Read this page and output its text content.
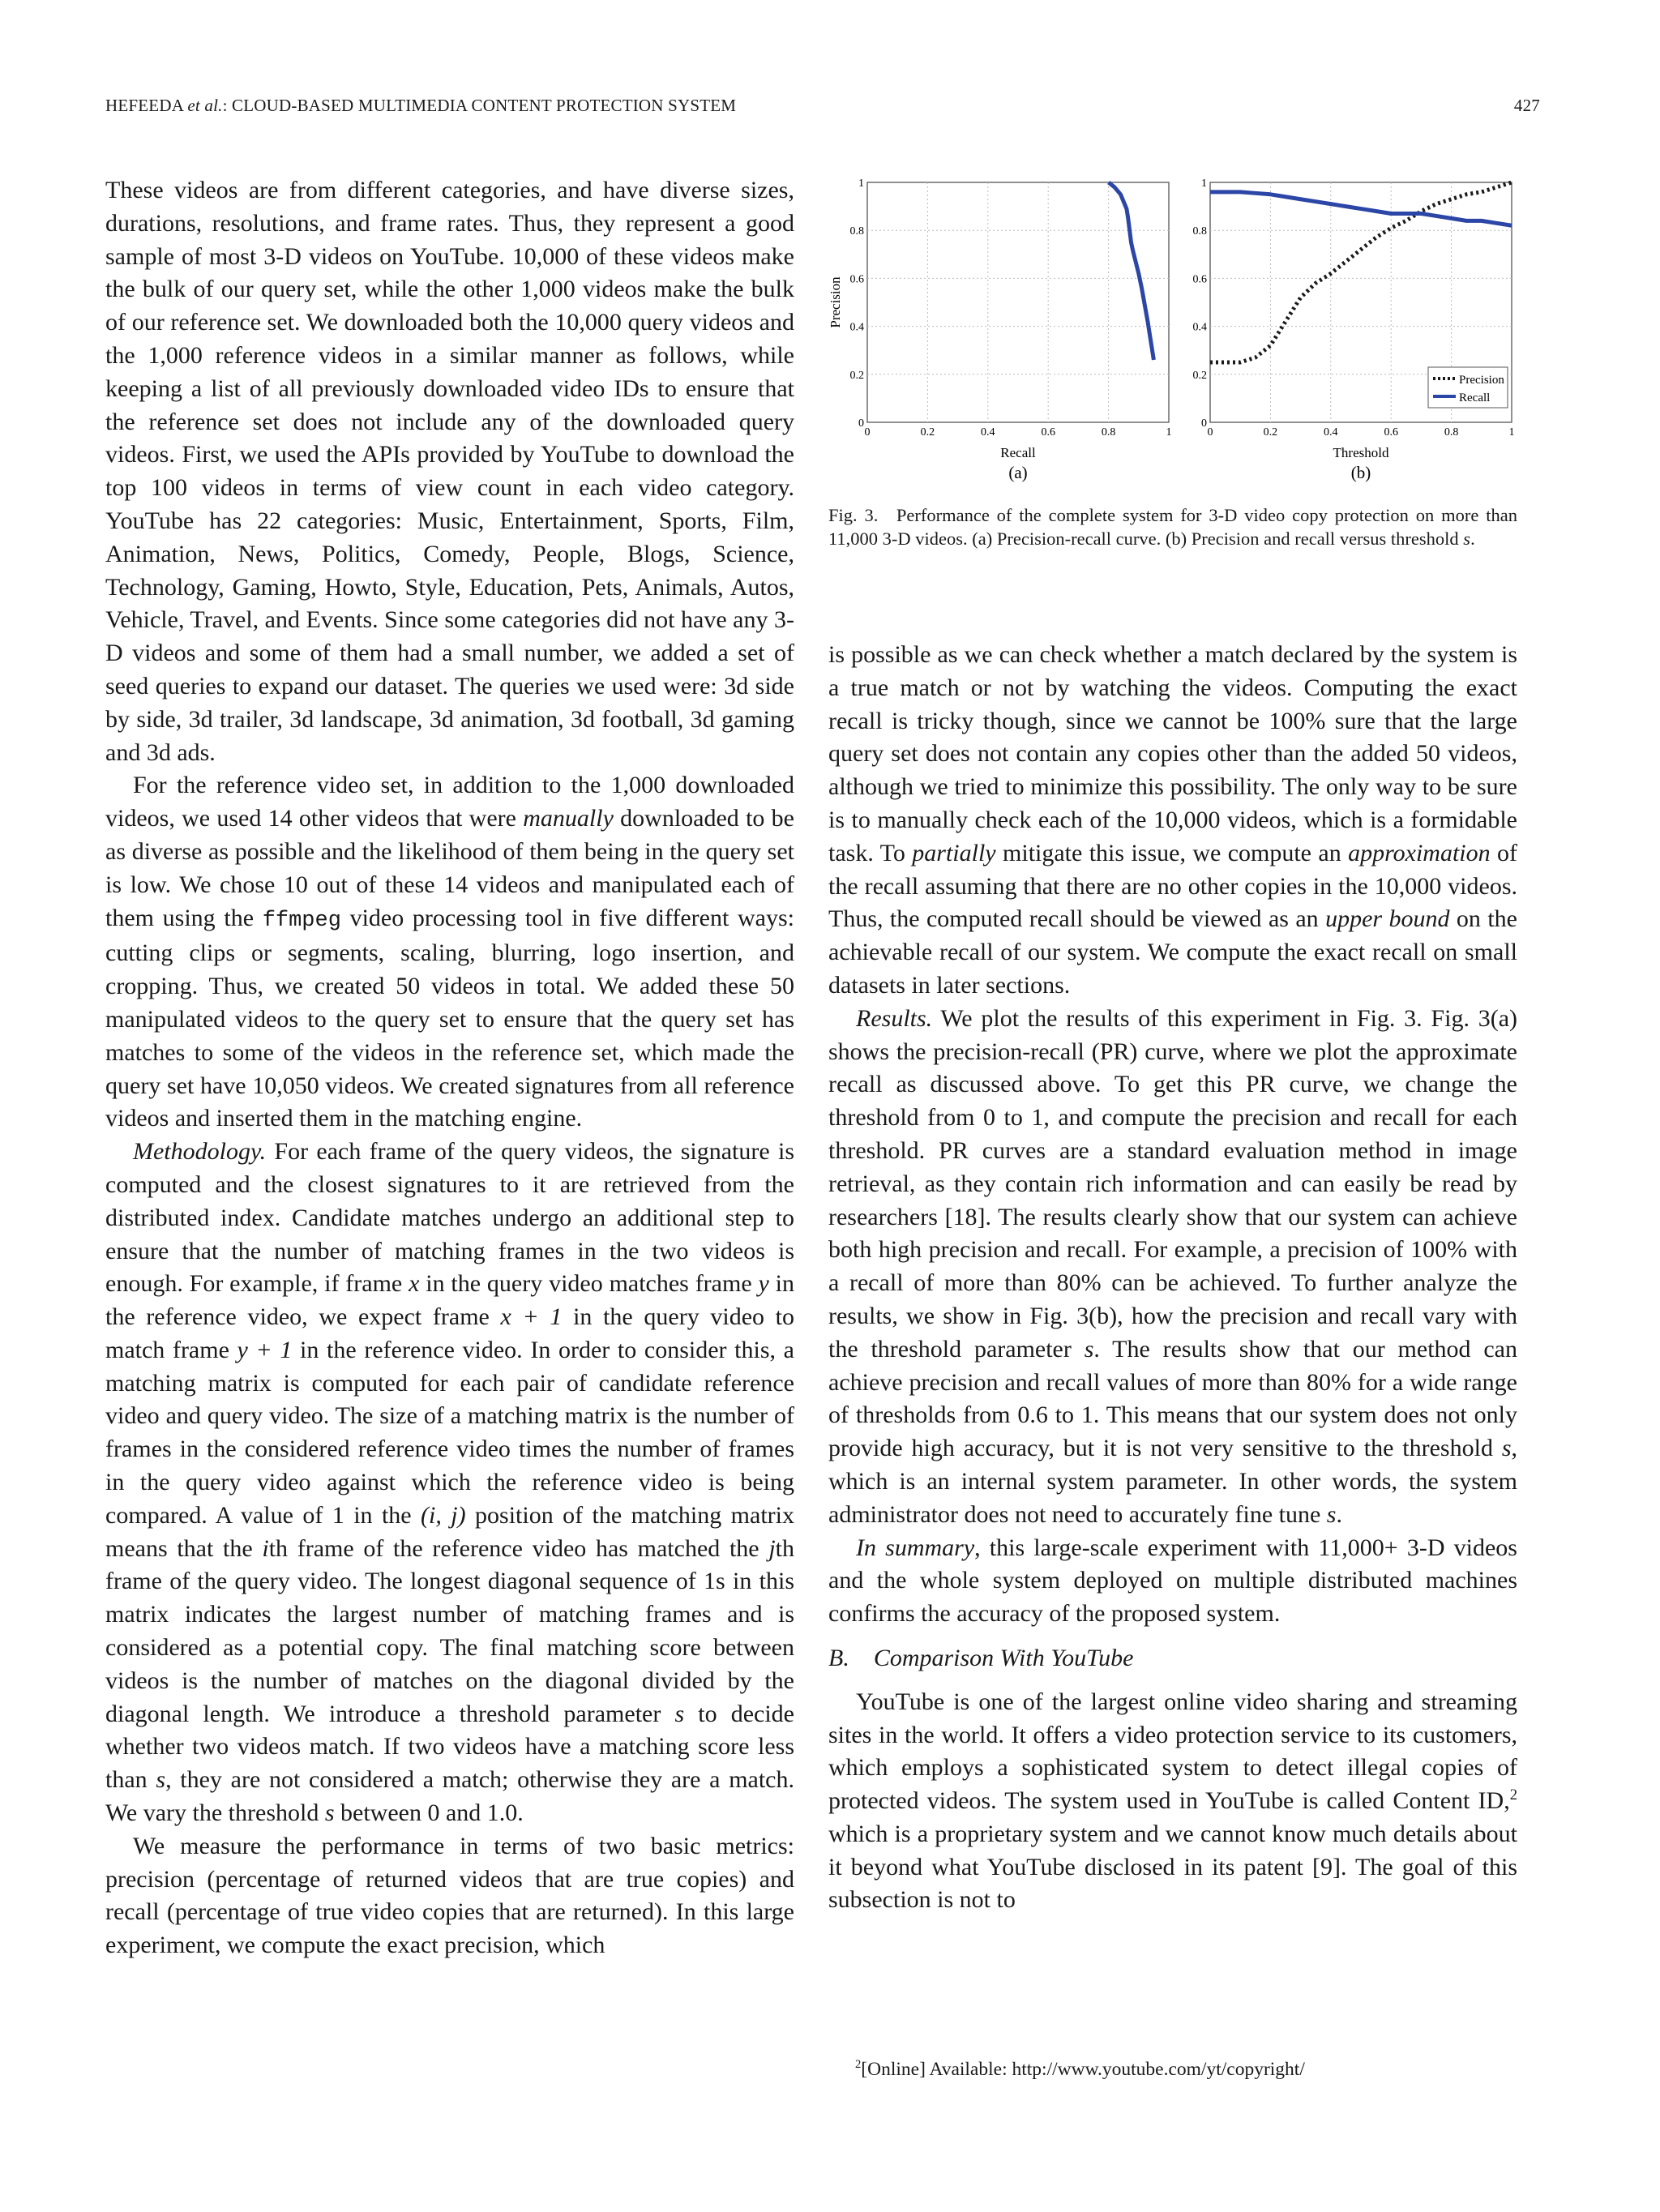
HEFEEDA et al.: CLOUD-BASED MULTIMEDIA CONTENT PROTECTION SYSTEM	427

These videos are from different categories, and have diverse sizes, durations, resolutions, and frame rates. Thus, they represent a good sample of most 3-D videos on YouTube. 10,000 of these videos make the bulk of our query set, while the other 1,000 videos make the bulk of our reference set. We downloaded both the 10,000 query videos and the 1,000 reference videos in a similar manner as follows, while keeping a list of all previously downloaded video IDs to ensure that the reference set does not include any of the downloaded query videos. First, we used the APIs provided by YouTube to download the top 100 videos in terms of view count in each video category. YouTube has 22 categories: Music, Entertainment, Sports, Film, Animation, News, Politics, Comedy, People, Blogs, Science, Technology, Gaming, Howto, Style, Education, Pets, Animals, Autos, Vehicle, Travel, and Events. Since some categories did not have any 3-D videos and some of them had a small number, we added a set of seed queries to expand our dataset. The queries we used were: 3d side by side, 3d trailer, 3d landscape, 3d animation, 3d football, 3d gaming and 3d ads.

For the reference video set, in addition to the 1,000 downloaded videos, we used 14 other videos that were manually downloaded to be as diverse as possible and the likelihood of them being in the query set is low. We chose 10 out of these 14 videos and manipulated each of them using the ffmpeg video processing tool in five different ways: cutting clips or segments, scaling, blurring, logo insertion, and cropping. Thus, we created 50 videos in total. We added these 50 manipulated videos to the query set to ensure that the query set has matches to some of the videos in the reference set, which made the query set have 10,050 videos. We created signatures from all reference videos and inserted them in the matching engine.

Methodology. For each frame of the query videos, the signature is computed and the closest signatures to it are retrieved from the distributed index. Candidate matches undergo an additional step to ensure that the number of matching frames in the two videos is enough. For example, if frame x in the query video matches frame y in the reference video, we expect frame x + 1 in the query video to match frame y + 1 in the reference video. In order to consider this, a matching matrix is computed for each pair of candidate reference video and query video. The size of a matching matrix is the number of frames in the considered reference video times the number of frames in the query video against which the reference video is being compared. A value of 1 in the (i, j) position of the matching matrix means that the ith frame of the reference video has matched the jth frame of the query video. The longest diagonal sequence of 1s in this matrix indicates the largest number of matching frames and is considered as a potential copy. The final matching score between videos is the number of matches on the diagonal divided by the diagonal length. We introduce a threshold parameter s to decide whether two videos match. If two videos have a matching score less than s, they are not considered a match; otherwise they are a match. We vary the threshold s between 0 and 1.0.

We measure the performance in terms of two basic metrics: precision (percentage of returned videos that are true copies) and recall (percentage of true video copies that are returned). In this large experiment, we compute the exact precision, which

0	0.2	0.4	0.6	0.8	1
0
0.2
0.4
0.6
0.8
1
Precision
Recall
(a)
0	0.2	0.4	0.6	0.8	1
0
0.2
0.4
0.6
0.8
1
Threshold
(b)
Precision
Recall
Fig. 3. Performance of the complete system for 3-D video copy protection on more than 11,000 3-D videos. (a) Precision-recall curve. (b) Precision and recall versus threshold s.

is possible as we can check whether a match declared by the system is a true match or not by watching the videos. Computing the exact recall is tricky though, since we cannot be 100% sure that the large query set does not contain any copies other than the added 50 videos, although we tried to minimize this possibility. The only way to be sure is to manually check each of the 10,000 videos, which is a formidable task. To partially mitigate this issue, we compute an approximation of the recall assuming that there are no other copies in the 10,000 videos. Thus, the computed recall should be viewed as an upper bound on the achievable recall of our system. We compute the exact recall on small datasets in later sections.

Results. We plot the results of this experiment in Fig. 3. Fig. 3(a) shows the precision-recall (PR) curve, where we plot the approximate recall as discussed above. To get this PR curve, we change the threshold from 0 to 1, and compute the precision and recall for each threshold. PR curves are a standard evaluation method in image retrieval, as they contain rich information and can easily be read by researchers [18]. The results clearly show that our system can achieve both high precision and recall. For example, a precision of 100% with a recall of more than 80% can be achieved. To further analyze the results, we show in Fig. 3(b), how the precision and recall vary with the threshold parameter s. The results show that our method can achieve precision and recall values of more than 80% for a wide range of thresholds from 0.6 to 1. This means that our system does not only provide high accuracy, but it is not very sensitive to the threshold s, which is an internal system parameter. In other words, the system administrator does not need to accurately fine tune s.

In summary, this large-scale experiment with 11,000+ 3-D videos and the whole system deployed on multiple distributed machines confirms the accuracy of the proposed system.

B. Comparison With YouTube

YouTube is one of the largest online video sharing and streaming sites in the world. It offers a video protection service to its customers, which employs a sophisticated system to detect illegal copies of protected videos. The system used in YouTube is called Content ID,$^2$ which is a proprietary system and we cannot know much details about it beyond what YouTube disclosed in its patent [9]. The goal of this subsection is not to

$^2$[Online] Available: http://www.youtube.com/yt/copyright/
